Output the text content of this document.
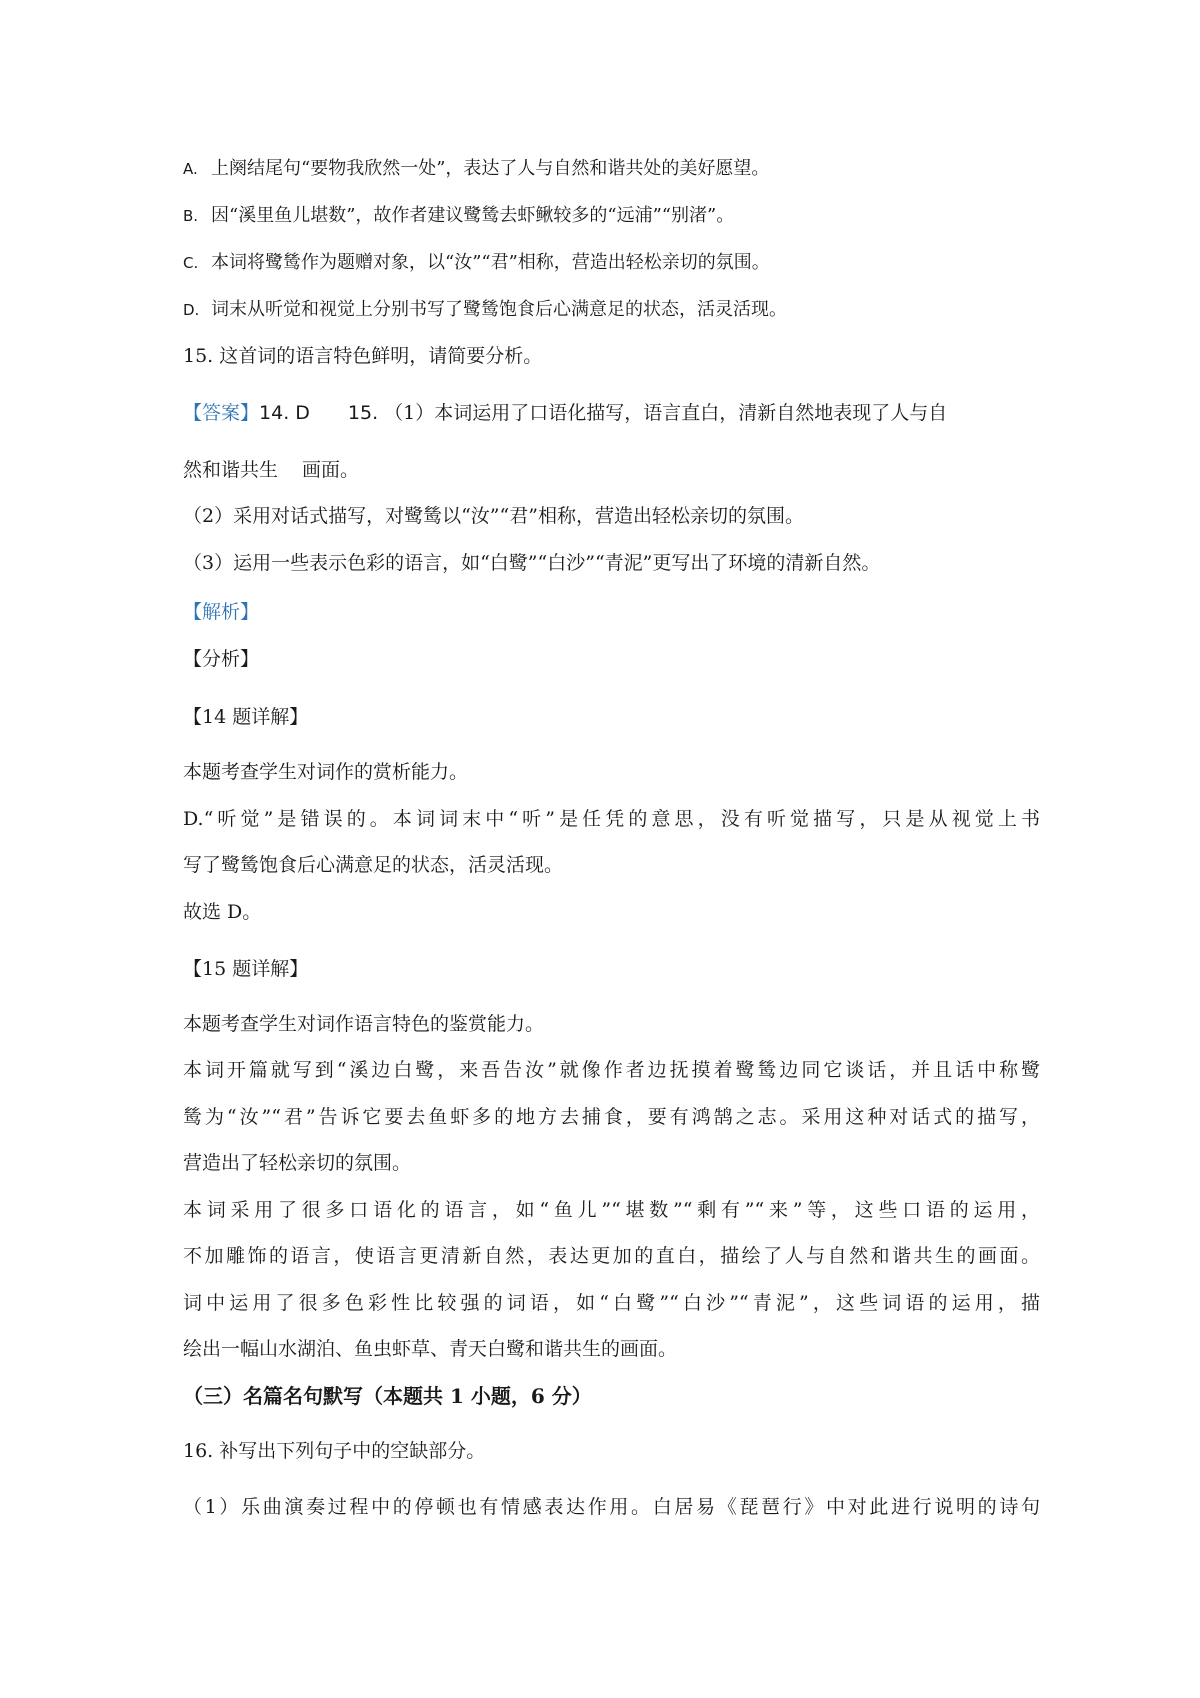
A. 上阕结尾句“要物我欣然一处”，表达了人与自然和谐共处的美好愿望。
B. 因“溪里鱼儿堪数”，故作者建议鹭鸶去虾鳅较多的“远浦”“别渚”。
C. 本词将鹭鸶作为题赠对象，以“汝”“君”相称，营造出轻松亲切的氛围。
D. 词末从听觉和视觉上分别书写了鹭鸶饱食后心满意足的状态，活灵活现。
15. 这首词的语言特色鲜明，请简要分析。
【答案】14. D 15. （1）本词运用了口语化描写，语言直白，清新自然地表现了人与自
然和谐共生 画面。
（2）采用对话式描写，对鹭鸶以“汝”“君”相称，营造出轻松亲切的氛围。
（3）运用一些表示色彩的语言，如“白鹭”“白沙”“青泥”更写出了环境的清新自然。
【解析】
【分析】
【14 题详解】
本题考查学生对词作的赏析能力。
D.“听觉”是错误的。本词词末中“听”是任凭的意思，没有听觉描写，只是从视觉上书
写了鹭鸶饱食后心满意足的状态，活灵活现。
故选 D。
【15 题详解】
本题考查学生对词作语言特色的鉴赏能力。
本词开篇就写到“溪边白鹭，来吾告汝”就像作者边抚摸着鹭鸶边同它谈话，并且话中称鹭
鸶为“汝”“君”告诉它要去鱼虾多的地方去捕食，要有鸿鹄之志。采用这种对话式的描写，
营造出了轻松亲切的氛围。
本词采用了很多口语化的语言，如“鱼儿”“堪数”“剩有”“来”等，这些口语的运用，
不加雕饰的语言，使语言更清新自然，表达更加的直白，描绘了人与自然和谐共生的画面。
词中运用了很多色彩性比较强的词语，如“白鹭”“白沙”“青泥”，这些词语的运用，描
绘出一幅山水湖泊、鱼虫虾草、青天白鹭和谐共生的画面。
（三）名篇名句默写（本题共 1 小题，6 分）
16. 补写出下列句子中的空缺部分。
（1）乐曲演奏过程中的停顿也有情感表达作用。白居易《琵琶行》中对此进行说明的诗句
